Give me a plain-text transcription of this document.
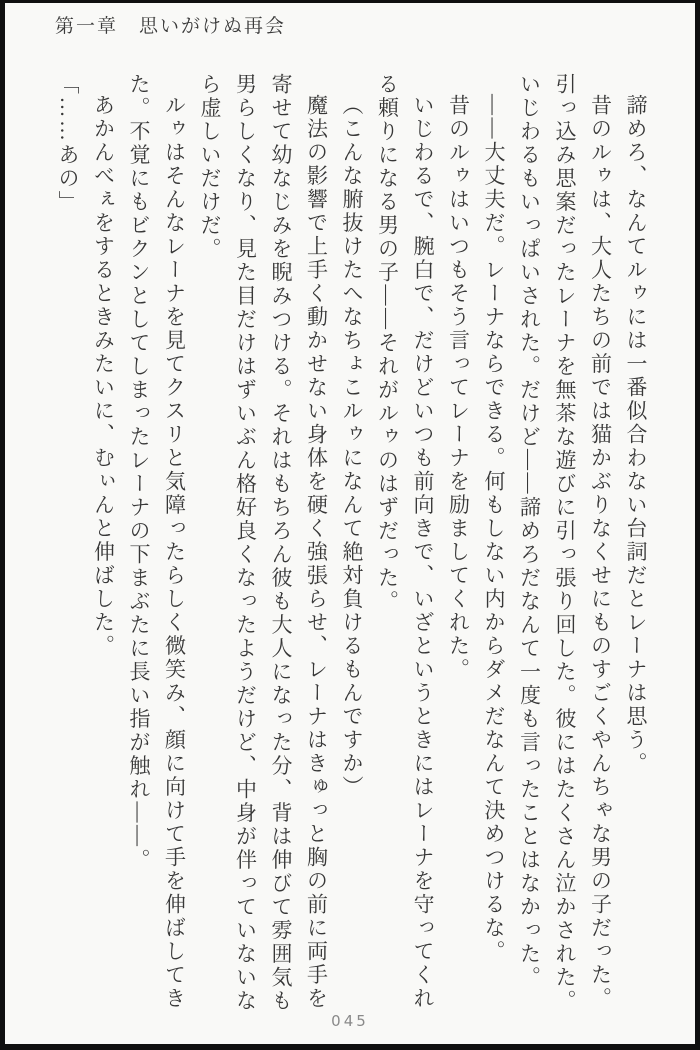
第一章　思いがけぬ再会

諦めろ、なんてルゥには一番似合わない台詞だとレーナは思う。

昔のルゥは、大人たちの前では猫かぶりなくせにものすごくやんちゃな男の子だった。引っ込み思案だったレーナを無茶な遊びに引っ張り回した。彼にはたくさん泣かされた。いじわるもいっぱいされた。だけど――諦めろだなんて一度も言ったことはなかった。

――大丈夫だ。レーナならできる。何もしない内からダメだなんて決めつけるな。

昔のルゥはいつもそう言ってレーナを励ましてくれた。

いじわるで、腕白で、だけどいつも前向きで、いざというときにはレーナを守ってくれる頼りになる男の子――それがルゥのはずだった。

（こんな腑抜けたへなちょこルゥになんて絶対負けるもんですか）

魔法の影響で上手く動かせない身体を硬く強張らせ、レーナはきゅっと胸の前に両手を寄せて幼なじみを睨みつける。それはもちろん彼も大人になった分、背は伸びて雰囲気も男らしくなり、見た目だけはずいぶん格好良くなったようだけど、中身が伴っていないなら虚しいだけだ。

ルゥはそんなレーナを見てクスリと気障ったらしく微笑み、顔に向けて手を伸ばしてきた。不覚にもビクンとしてしまったレーナの下まぶたに長い指が触れ――。

あかんべぇをするときみたいに、むぃんと伸ばした。

「……あの」

045
